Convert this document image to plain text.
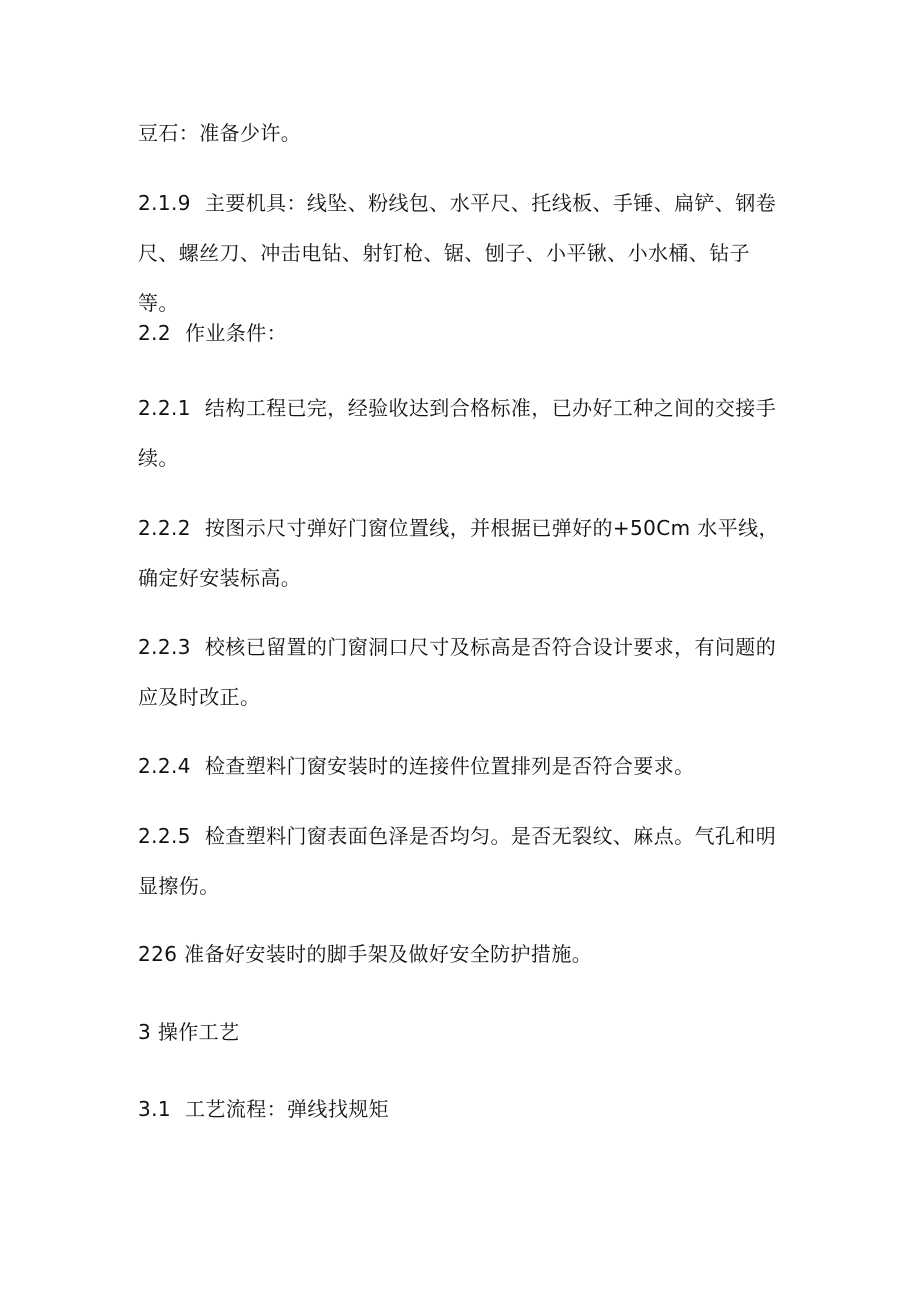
豆石：准备少许。
2.1.9 主要机具：线坠、粉线包、水平尺、托线板、手锤、扁铲、钢卷尺、螺丝刀、冲击电钻、射钉枪、锯、刨子、小平锹、小水桶、钻子等。
2.2 作业条件：
2.2.1 结构工程已完，经验收达到合格标准，已办好工种之间的交接手续。
2.2.2 按图示尺寸弹好门窗位置线，并根据已弹好的+50Cm 水平线，确定好安装标高。
2.2.3 校核已留置的门窗洞口尺寸及标高是否符合设计要求，有问题的应及时改正。
2.2.4 检查塑料门窗安装时的连接件位置排列是否符合要求。
2.2.5 检查塑料门窗表面色泽是否均匀。是否无裂纹、麻点。气孔和明显擦伤。
226 准备好安装时的脚手架及做好安全防护措施。
3 操作工艺
3.1 工艺流程：弹线找规矩
